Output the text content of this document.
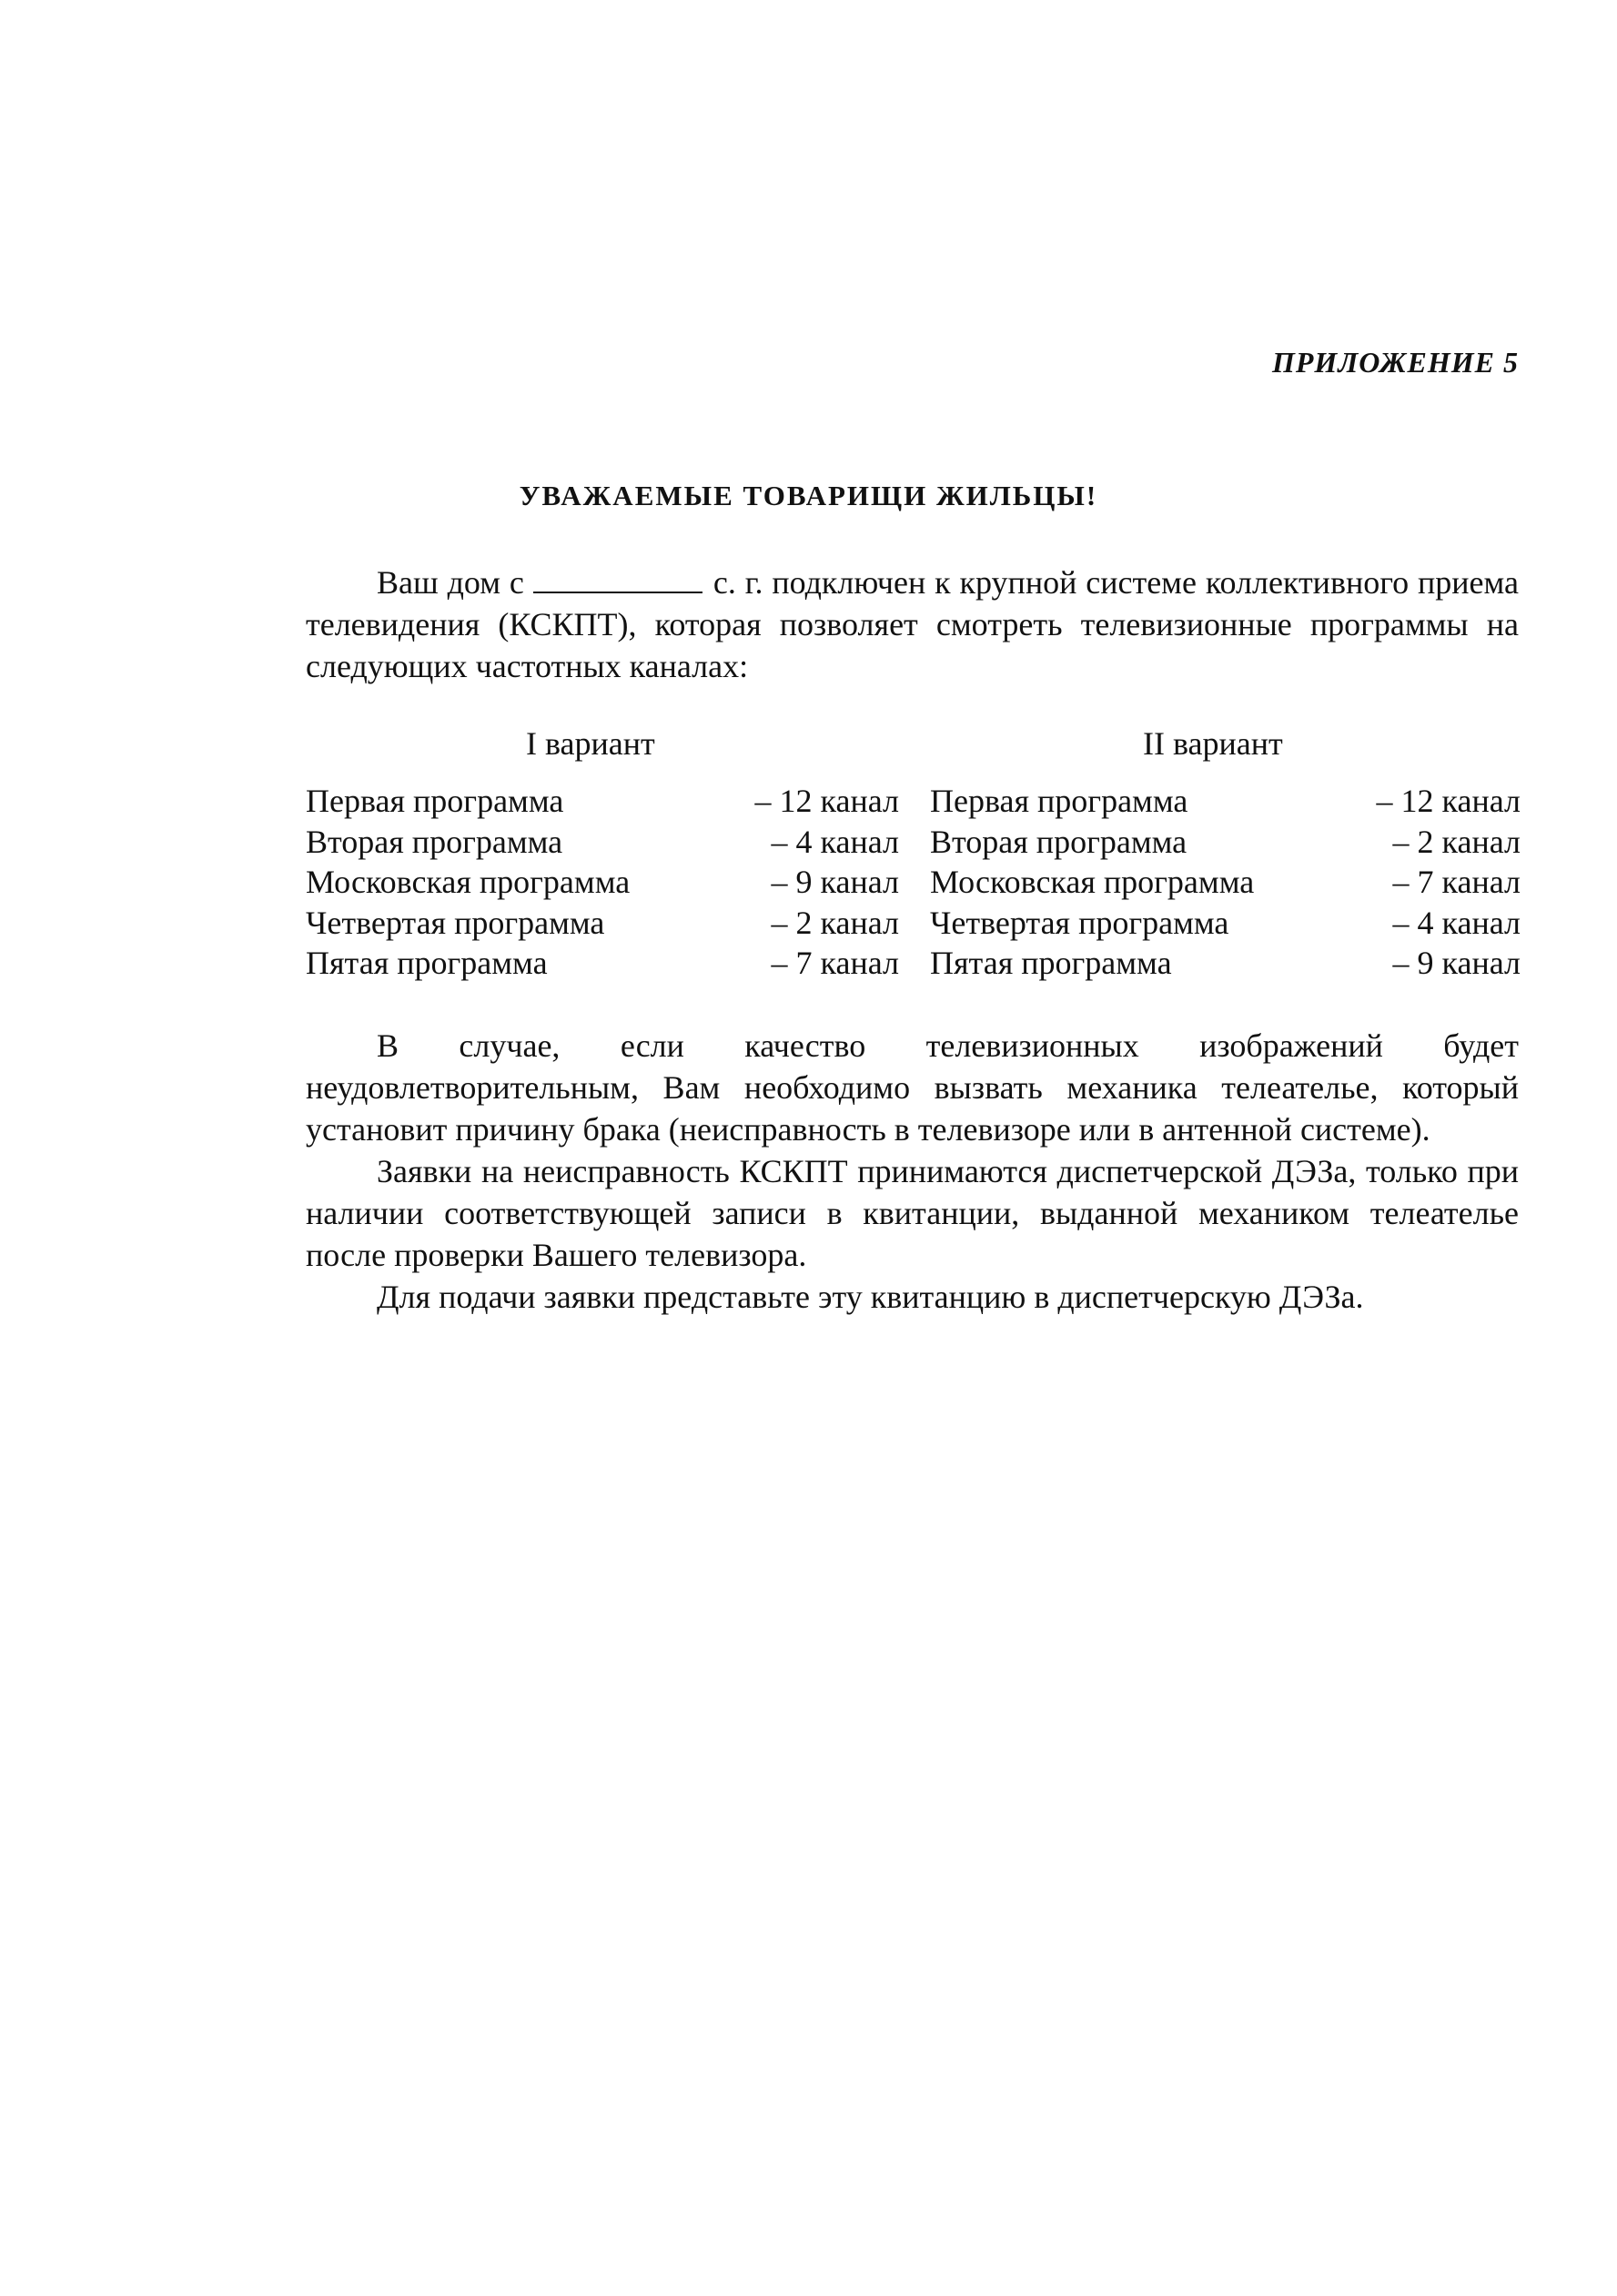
ПРИЛОЖЕНИЕ 5
УВАЖАЕМЫЕ ТОВАРИЩИ ЖИЛЬЦЫ!

Ваш дом с	с. г. подключен к крупной системе коллективного приема телевидения (КСКПТ), которая позволяет смотреть телевизионные программы на следующих частотных каналах:

I вариант	II вариант
Первая программа	– 12 канал Первая программа	– 12 канал
Вторая программа	– 4 канал Вторая программа	– 2 канал
Московская программа	– 9 канал Московская программа	– 7 канал
Четвертая программа	– 2 канал Четвертая программа	– 4 канал
Пятая программа	– 7 канал Пятая программа	– 9 канал

В случае, если качество телевизионных изображений будет неудовлетворительным, Вам необходимо вызвать механика телеателье, который установит причину брака (неисправность в телевизоре или в антенной системе).

Заявки на неисправность КСКПТ принимаются диспетчерской ДЭЗа, только при наличии соответствующей записи в квитанции, выданной механиком телеателье после проверки Вашего телевизора.

Для подачи заявки представьте эту квитанцию в диспетчерскую ДЭЗа.
